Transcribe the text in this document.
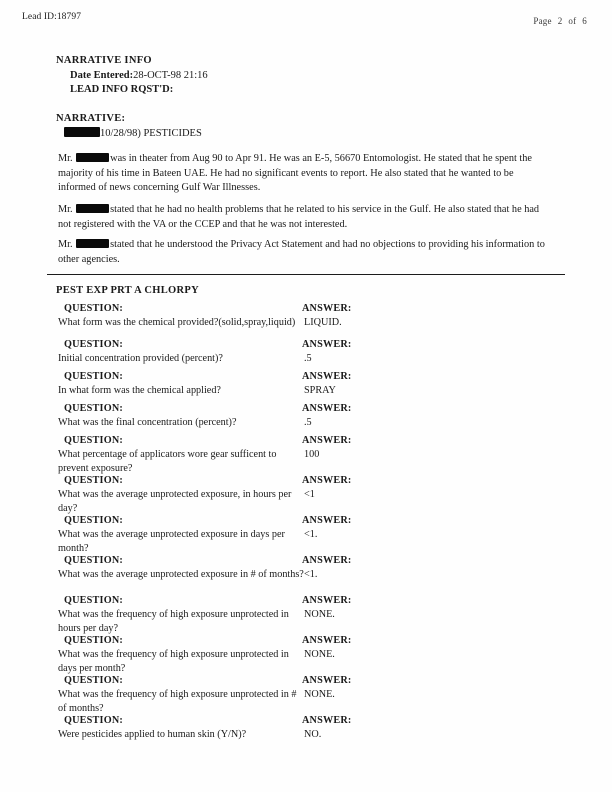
Lead ID:18797	Page 2 of 6
NARRATIVE INFO
Date Entered:28-OCT-98 21:16
LEAD INFO RQST'D:
NARRATIVE:
10/28/98) PESTICIDES
Mr.	was in theater from Aug 90 to Apr 91. He was an E-5, 56670 Entomologist. He stated that he spent the majority of his time in Bateen UAE. He had no significant events to report. He also stated that he wanted to be informed of news concerning Gulf War Illnesses.
Mr.	stated that he had no health problems that he related to his service in the Gulf. He also stated that he had not registered with the VA or the CCEP and that he was not interested.
Mr.	stated that he understood the Privacy Act Statement and had no objections to providing his information to other agencies.
PEST EXP PRT A CHLORPY
QUESTION:
What form was the chemical provided?(solid,spray,liquid)
ANSWER:
LIQUID.
QUESTION:
Initial concentration provided (percent)?
ANSWER:
.5
QUESTION:
In what form was the chemical applied?
ANSWER:
SPRAY
QUESTION:
What was the final concentration (percent)?
ANSWER:
.5
QUESTION:
What percentage of applicators wore gear sufficent to prevent exposure?
ANSWER:
100
QUESTION:
What was the average unprotected exposure, in hours per day?
ANSWER:
<1
QUESTION:
What was the average unprotected exposure in days per month?
ANSWER:
<1.
QUESTION:
What was the average unprotected exposure in # of months?
ANSWER:
<1.
QUESTION:
What was the frequency of high exposure unprotected in hours per day?
ANSWER:
NONE.
QUESTION:
What was the frequency of high exposure unprotected in days per month?
ANSWER:
NONE.
QUESTION:
What was the frequency of high exposure unprotected in # of months?
ANSWER:
NONE.
QUESTION:
Were pesticides applied to human skin (Y/N)?
ANSWER:
NO.
